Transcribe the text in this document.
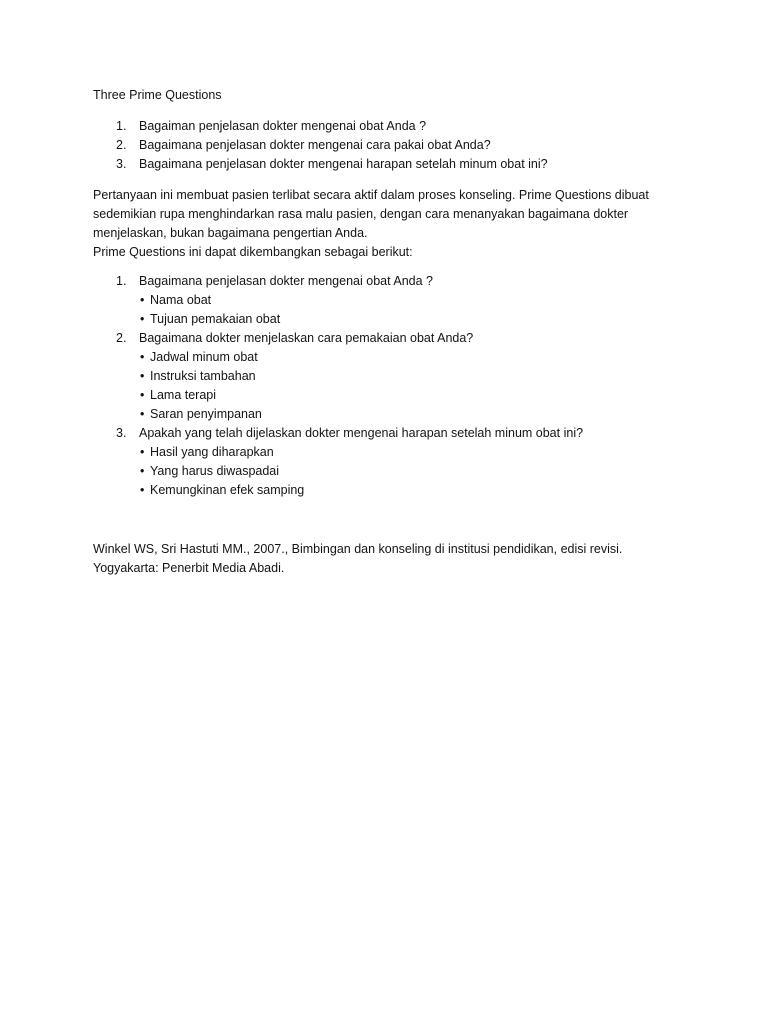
Three Prime Questions
1. Bagaiman penjelasan dokter mengenai obat Anda ?
2. Bagaimana penjelasan dokter mengenai cara pakai obat Anda?
3. Bagaimana penjelasan dokter mengenai harapan setelah minum obat ini?

Pertanyaan ini membuat pasien terlibat secara aktif dalam proses konseling. Prime Questions dibuat
sedemikian rupa menghindarkan rasa malu pasien, dengan cara menanyakan bagaimana dokter
menjelaskan, bukan bagaimana pengertian Anda.
Prime Questions ini dapat dikembangkan sebagai berikut:

1. Bagaimana penjelasan dokter mengenai obat Anda ?
• Nama obat
• Tujuan pemakaian obat
2. Bagaimana dokter menjelaskan cara pemakaian obat Anda?
• Jadwal minum obat
• Instruksi tambahan
• Lama terapi
• Saran penyimpanan
3. Apakah yang telah dijelaskan dokter mengenai harapan setelah minum obat ini?
• Hasil yang diharapkan
• Yang harus diwaspadai
• Kemungkinan efek samping

Winkel WS, Sri Hastuti MM., 2007., Bimbingan dan konseling di institusi pendidikan, edisi revisi.
Yogyakarta: Penerbit Media Abadi.
